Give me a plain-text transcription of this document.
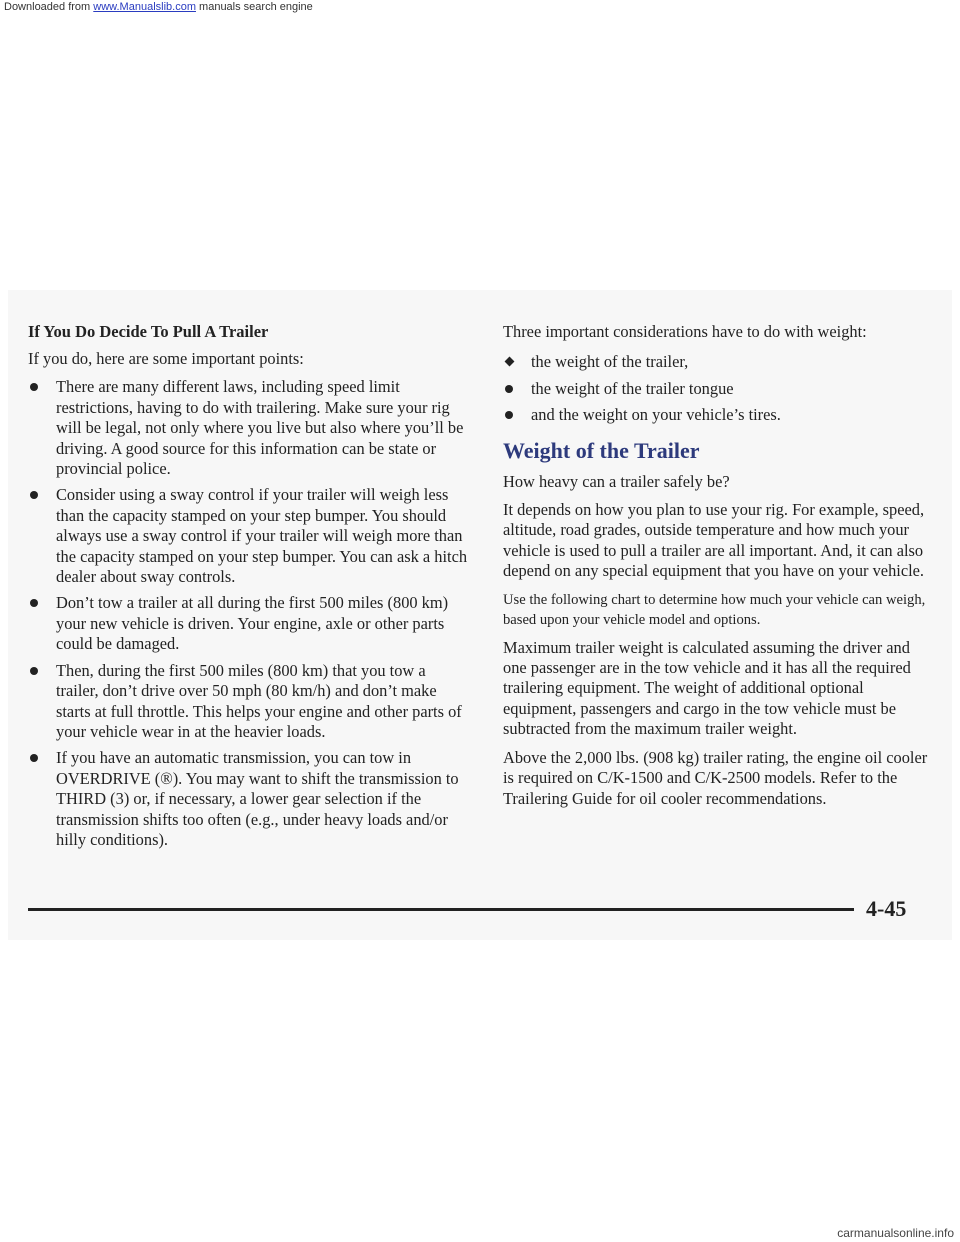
Downloaded from www.Manualslib.com manuals search engine
If You Do Decide To Pull A Trailer

If you do, here are some important points:

There are many different laws, including speed limit restrictions, having to do with trailering. Make sure your rig will be legal, not only where you live but also where you’ll be driving. A good source for this information can be state or provincial police.
Consider using a sway control if your trailer will weigh less than the capacity stamped on your step bumper. You should always use a sway control if your trailer will weigh more than the capacity stamped on your step bumper. You can ask a hitch dealer about sway controls.
Don’t tow a trailer at all during the first 500 miles (800 km) your new vehicle is driven. Your engine, axle or other parts could be damaged.
Then, during the first 500 miles (800 km) that you tow a trailer, don’t drive over 50 mph (80 km/h) and don’t make starts at full throttle. This helps your engine and other parts of your vehicle wear in at the heavier loads.
If you have an automatic transmission, you can tow in OVERDRIVE (®). You may want to shift the transmission to THIRD (3) or, if necessary, a lower gear selection if the transmission shifts too often (e.g., under heavy loads and/or hilly conditions).

Three important considerations have to do with weight:

the weight of the trailer,
the weight of the trailer tongue
and the weight on your vehicle’s tires.
Weight of the Trailer

How heavy can a trailer safely be?

It depends on how you plan to use your rig. For example, speed, altitude, road grades, outside temperature and how much your vehicle is used to pull a trailer are all important. And, it can also depend on any special equipment that you have on your vehicle.

Use the following chart to determine how much your vehicle can weigh, based upon your vehicle model and options.

Maximum trailer weight is calculated assuming the driver and one passenger are in the tow vehicle and it has all the required trailering equipment. The weight of additional optional equipment, passengers and cargo in the tow vehicle must be subtracted from the maximum trailer weight.

Above the 2,000 lbs. (908 kg) trailer rating, the engine oil cooler is required on C/K-1500 and C/K-2500 models. Refer to the Trailering Guide for oil cooler recommendations.

4-45
carmanualsonline.info
